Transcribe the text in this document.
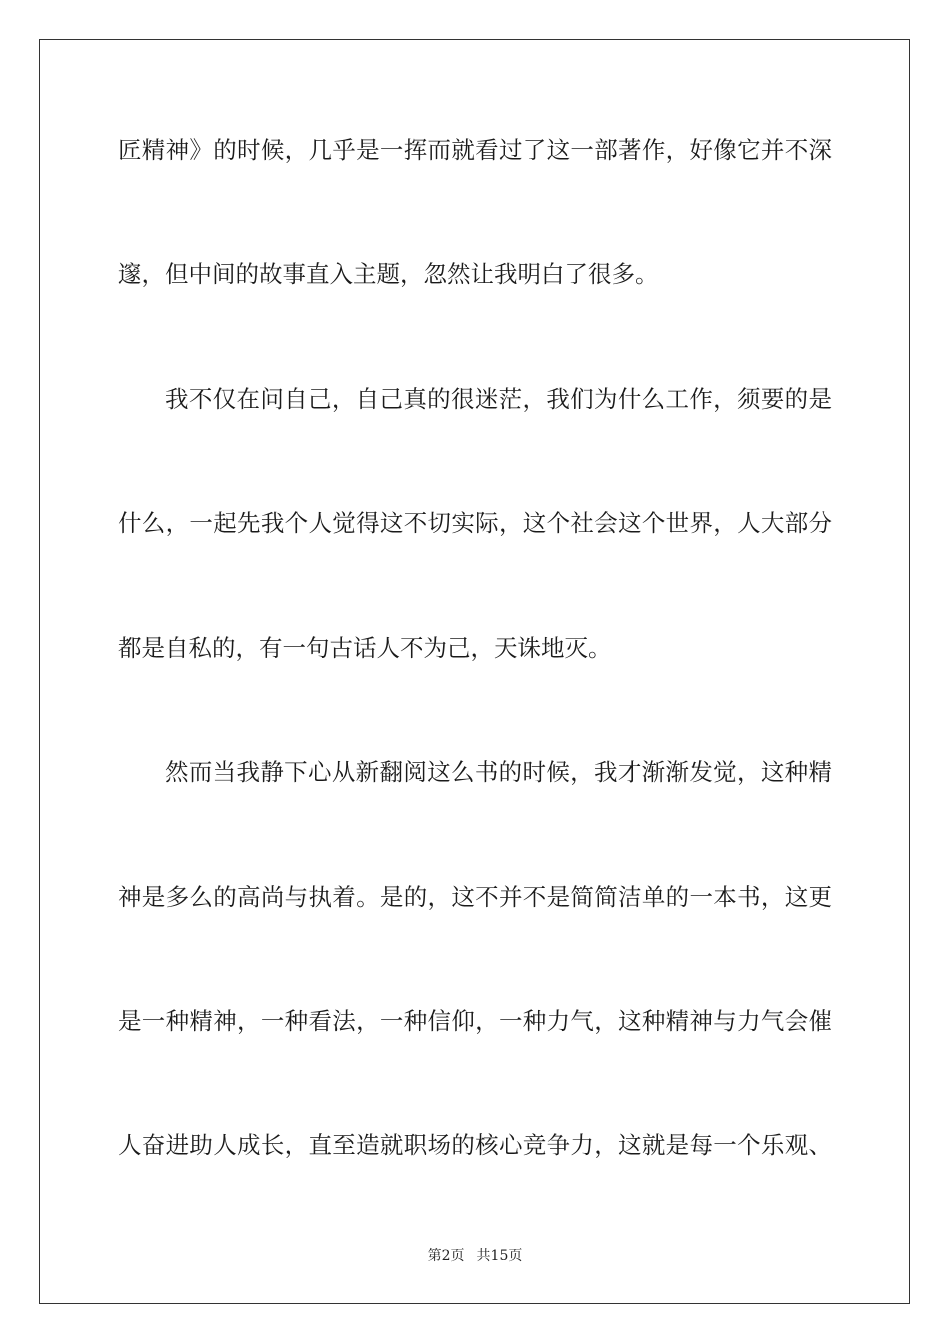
匠精神》的时候，几乎是一挥而就看过了这一部著作，好像它并不深
邃，但中间的故事直入主题，忽然让我明白了很多。
我不仅在问自己，自己真的很迷茫，我们为什么工作，须要的是
什么，一起先我个人觉得这不切实际，这个社会这个世界，人大部分
都是自私的，有一句古话人不为己，天诛地灭。
然而当我静下心从新翻阅这么书的时候，我才渐渐发觉，这种精
神是多么的高尚与执着。是的，这不并不是简简洁单的一本书，这更
是一种精神，一种看法，一种信仰，一种力气，这种精神与力气会催
人奋进助人成长，直至造就职场的核心竞争力，这就是每一个乐观、
第2页 共15页
